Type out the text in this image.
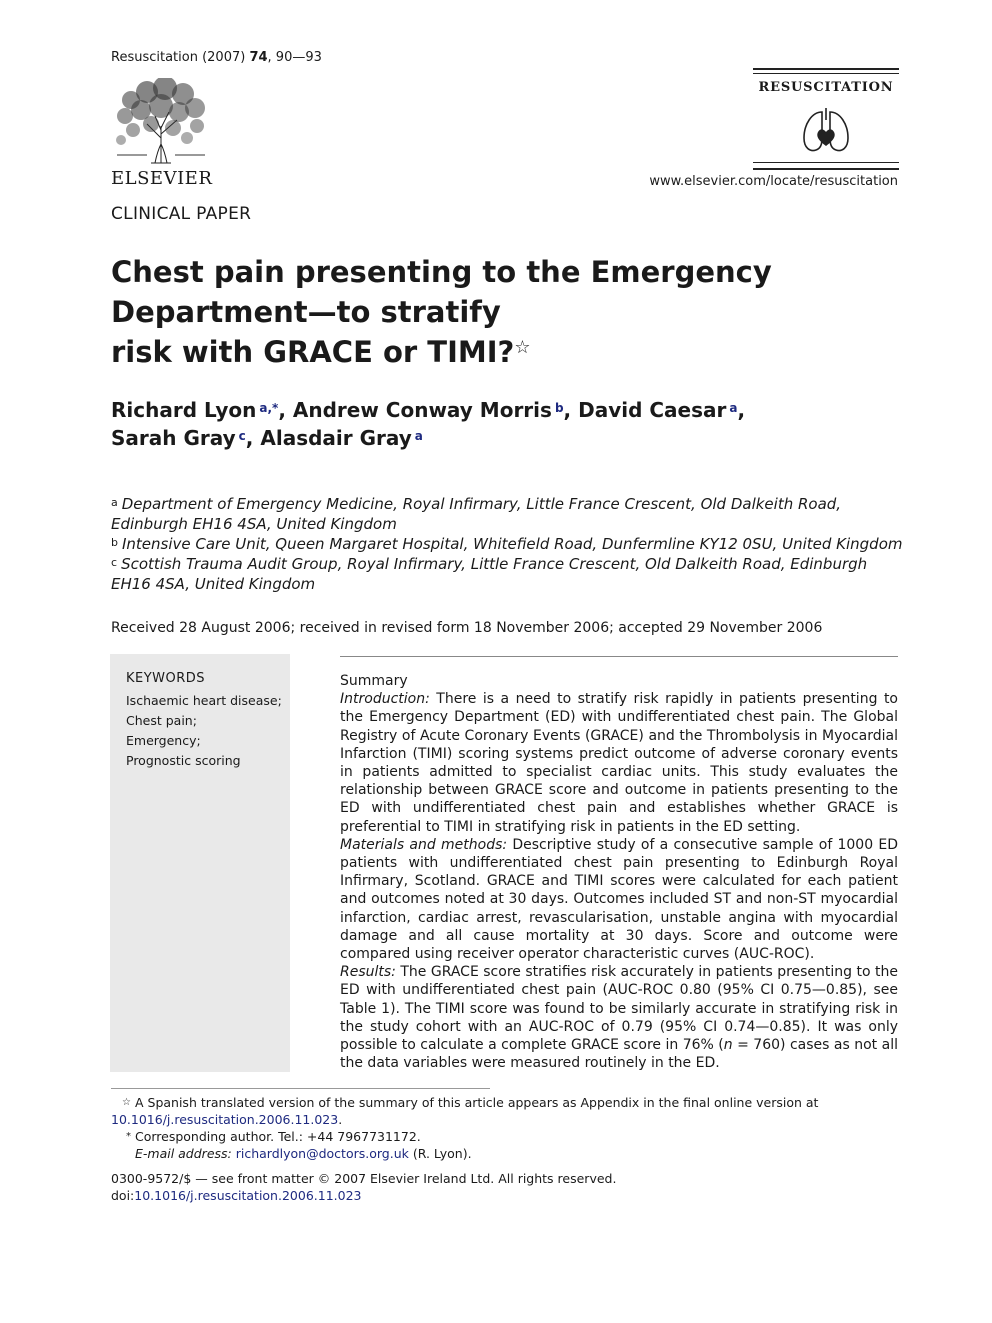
Resuscitation (2007) 74, 90—93
ELSEVIER
RESUSCITATION
www.elsevier.com/locate/resuscitation
CLINICAL PAPER
Chest pain presenting to the Emergency
Department—to stratify
risk with GRACE or TIMI?☆
Richard Lyon $^{a,*}$, Andrew Conway Morris $^b$, David Caesar $^a$,
Sarah Gray $^c$, Alasdair Gray $^a$

$^a$ Department of Emergency Medicine, Royal Infirmary, Little France Crescent, Old Dalkeith Road,
Edinburgh EH16 4SA, United Kingdom

$^b$ Intensive Care Unit, Queen Margaret Hospital, Whitefield Road, Dunfermline KY12 0SU, United Kingdom

$^c$ Scottish Trauma Audit Group, Royal Infirmary, Little France Crescent, Old Dalkeith Road, Edinburgh
EH16 4SA, United Kingdom

Received 28 August 2006; received in revised form 18 November 2006; accepted 29 November 2006
KEYWORDS
Ischaemic heart disease;
Chest pain;
Emergency;
Prognostic scoring

Summary

Introduction: There is a need to stratify risk rapidly in patients presenting to the Emergency Department (ED) with undifferentiated chest pain. The Global Registry of Acute Coronary Events (GRACE) and the Thrombolysis in Myocardial Infarction (TIMI) scoring systems predict outcome of adverse coronary events in patients admitted to specialist cardiac units. This study evaluates the relationship between GRACE score and outcome in patients presenting to the ED with undifferentiated chest pain and establishes whether GRACE is preferential to TIMI in stratifying risk in patients in the ED setting.

Materials and methods: Descriptive study of a consecutive sample of 1000 ED patients with undifferentiated chest pain presenting to Edinburgh Royal Infirmary, Scotland. GRACE and TIMI scores were calculated for each patient and outcomes noted at 30 days. Outcomes included ST and non-ST myocardial infarction, cardiac arrest, revascularisation, unstable angina with myocardial damage and all cause mortality at 30 days. Score and outcome were compared using receiver operator characteristic curves (AUC-ROC).

Results: The GRACE score stratifies risk accurately in patients presenting to the ED with undifferentiated chest pain (AUC-ROC 0.80 (95% CI 0.75—0.85), see Table 1). The TIMI score was found to be similarly accurate in stratifying risk in the study cohort with an AUC-ROC of 0.79 (95% CI 0.74—0.85). It was only possible to calculate a complete GRACE score in 76% (n = 760) cases as not all the data variables were measured routinely in the ED.

☆ A Spanish translated version of the summary of this article appears as Appendix in the final online version at
10.1016/j.resuscitation.2006.11.023.

* Corresponding author. Tel.: +44 7967731172.

E-mail address: richardlyon@doctors.org.uk (R. Lyon).

0300-9572/$ — see front matter © 2007 Elsevier Ireland Ltd. All rights reserved.

doi:10.1016/j.resuscitation.2006.11.023
